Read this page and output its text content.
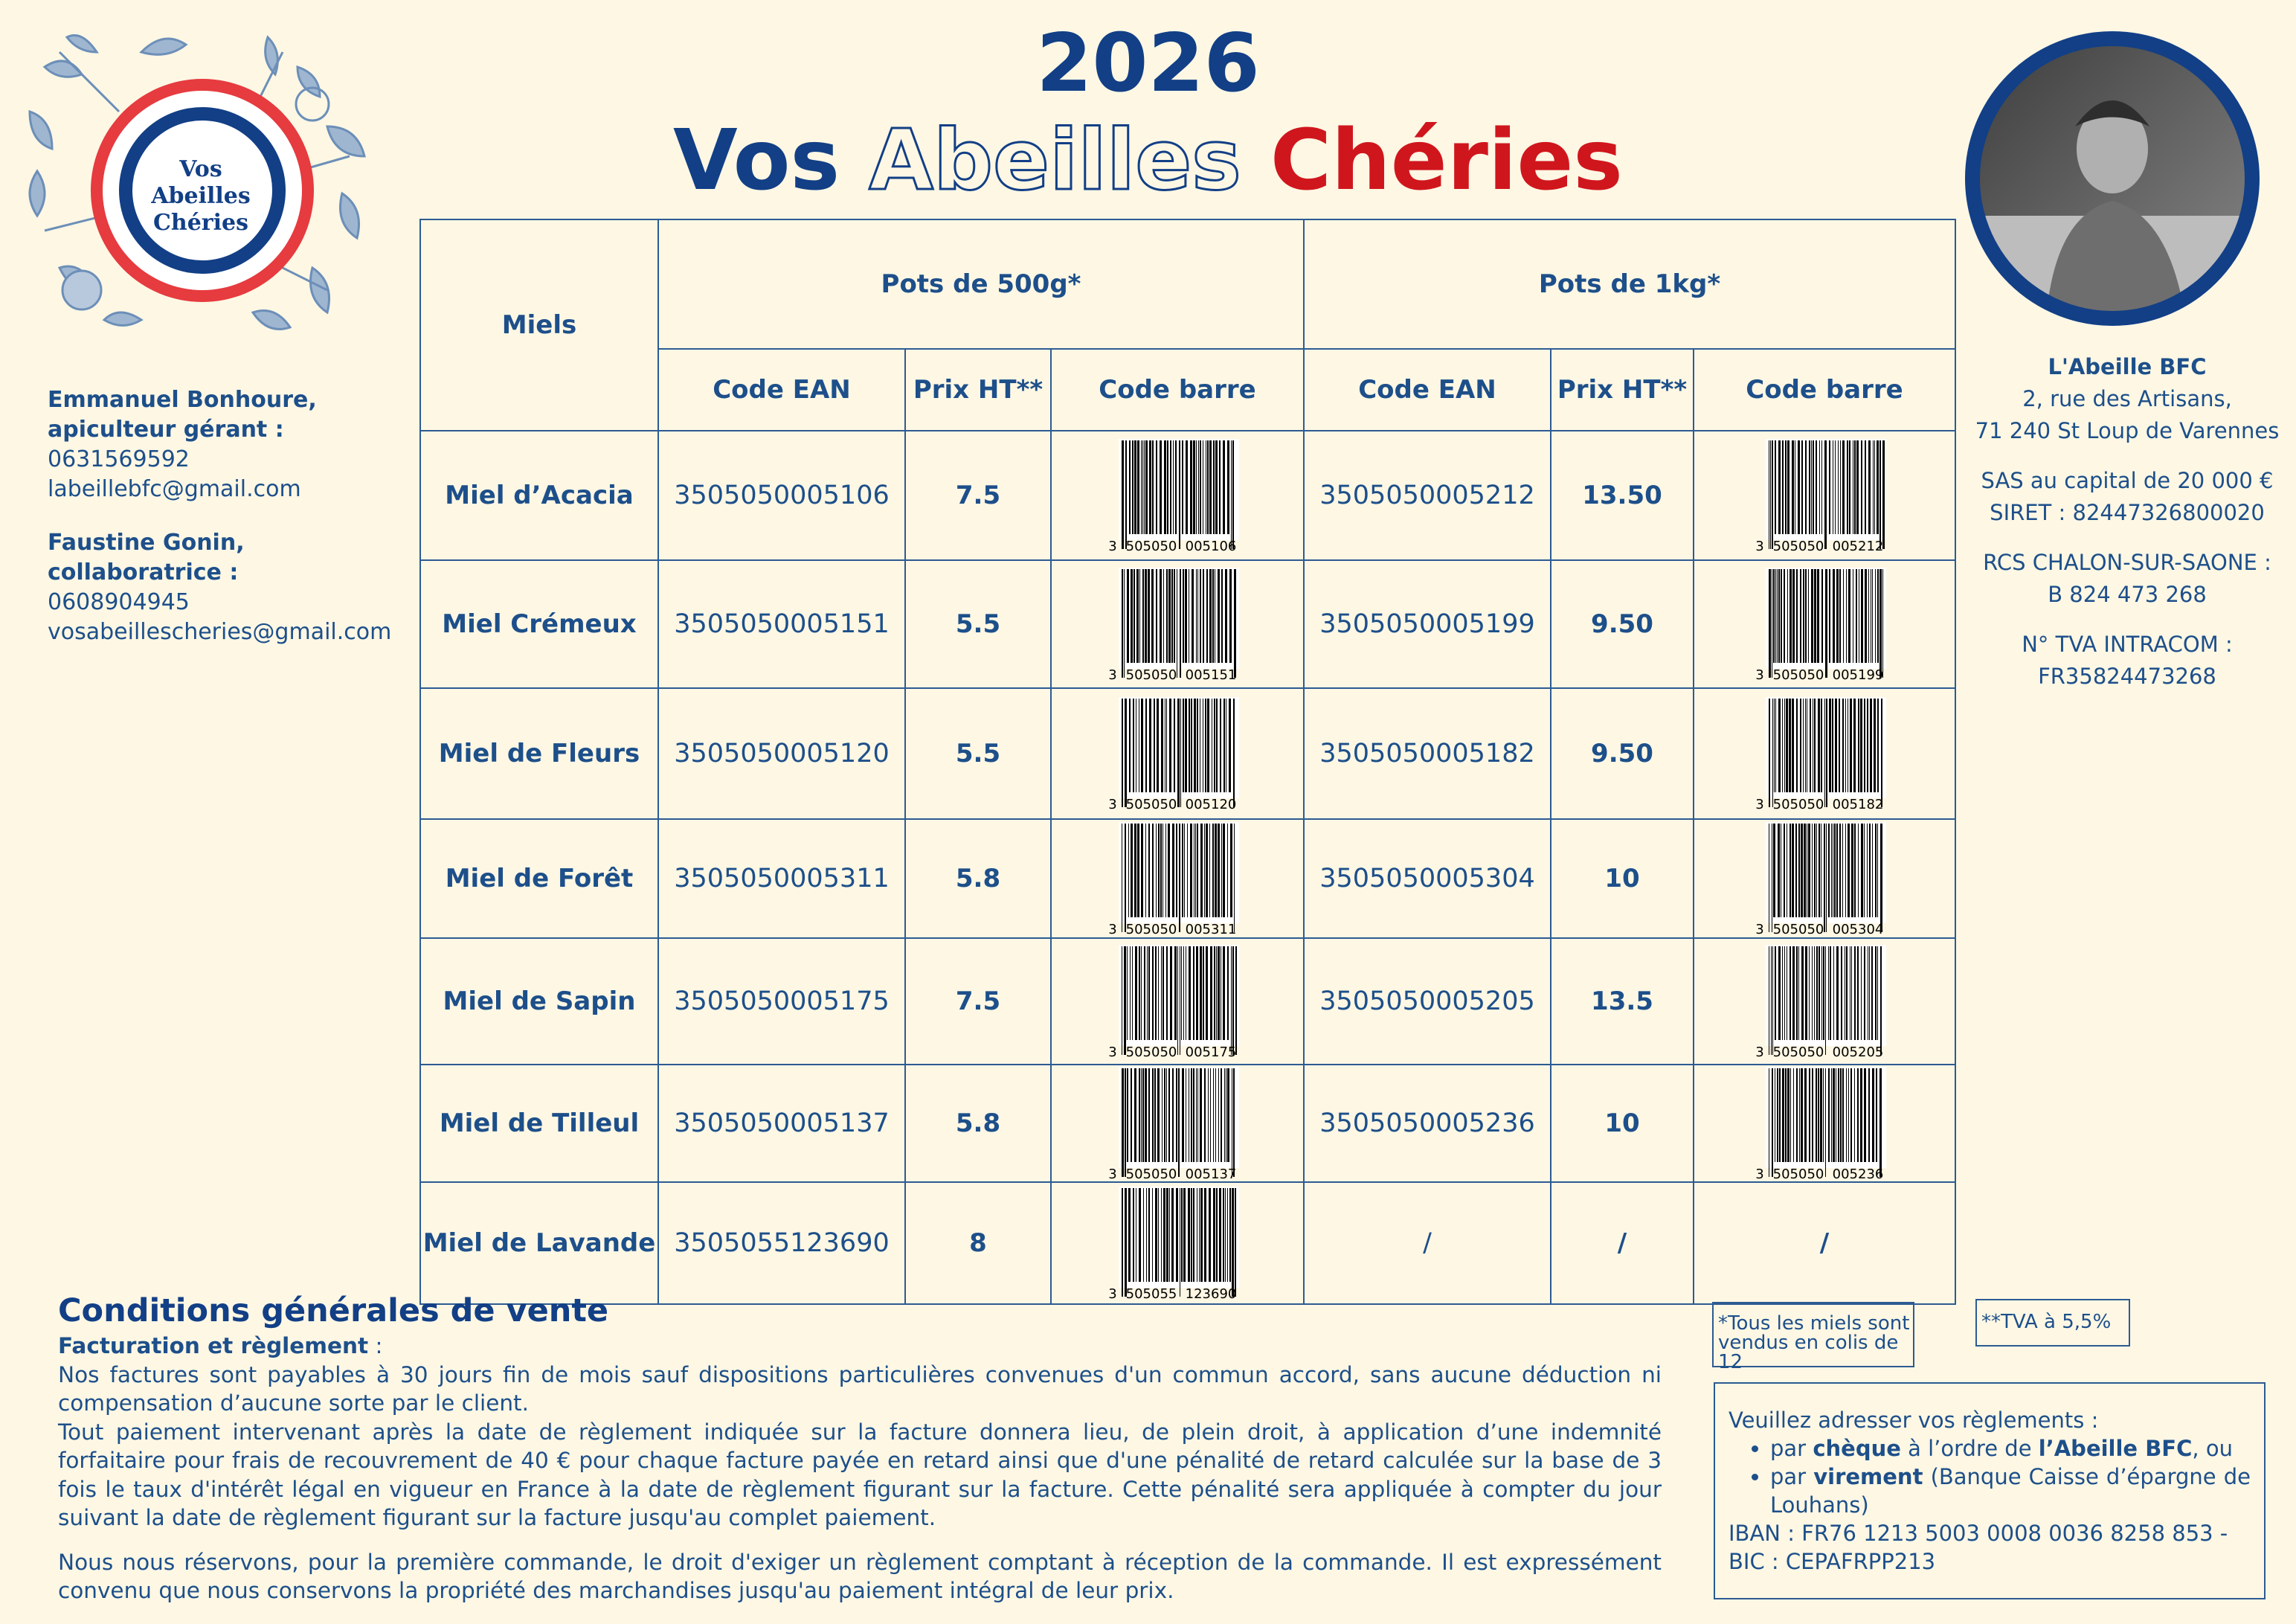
Vos
Abeilles
Chéries
2026
Vos Abeilles Chéries
Emmanuel Bonhoure,
apiculteur gérant :
0631569592
labeillebfc@gmail.com
Faustine Gonin,
collaboratrice :
0608904945
vosabeillescheries@gmail.com
L'Abeille BFC
2, rue des Artisans,
71 240 St Loup de Varennes
SAS au capital de 20 000 €
SIRET : 82447326800020
RCS CHALON-SUR-SAONE :
B 824 473 268
N° TVA INTRACOM :
FR35824473268
Miels	Pots de 500g*			Pots de 1kg*		
	Code EAN	Prix HT**	Code barre	Code EAN	Prix HT**	Code barre
Miel d’Acacia	3505050005106	7.5	3 505050 005106	3505050005212	13.50	3 505050 005212

Miel Crémeux	3505050005151	5.5	3 505050 005151	3505050005199	9.50	3 505050 005199

Miel de Fleurs	3505050005120	5.5	3 505050 005120	3505050005182	9.50	3 505050 005182

Miel de Forêt	3505050005311	5.8	3 505050 005311	3505050005304	10	3 505050 005304

Miel de Sapin	3505050005175	7.5	3 505050 005175	3505050005205	13.5	3 505050 005205

Miel de Tilleul	3505050005137	5.8	3 505050 005137	3505050005236	10	3 505050 005236

Miel de Lavande	3505055123690	8	3 505055 123690	/	/	/
*Tous les miels sont vendus en colis de 12
**TVA à 5,5%
Veuillez adresser vos règlements :
• par chèque à l’ordre de l’Abeille BFC, ou
• par virement (Banque Caisse d’épargne de Louhans)
IBAN : FR76 1213 5003 0008 0036 8258 853 -
BIC : CEPAFRPP213
Conditions générales de vente
Facturation et règlement :

Nos factures sont payables à 30 jours fin de mois sauf dispositions particulières convenues d'un commun accord, sans aucune déduction ni compensation d’aucune sorte par le client.

Tout paiement intervenant après la date de règlement indiquée sur la facture donnera lieu, de plein droit, à application d’une indemnité forfaitaire pour frais de recouvrement de 40 € pour chaque facture payée en retard ainsi que d'une pénalité de retard calculée sur la base de 3 fois le taux d'intérêt légal en vigueur en France à la date de règlement figurant sur la facture. Cette pénalité sera appliquée à compter du jour suivant la date de règlement figurant sur la facture jusqu'au complet paiement.

Nous nous réservons, pour la première commande, le droit d'exiger un règlement comptant à réception de la commande. Il est expressément convenu que nous conservons la propriété des marchandises jusqu'au paiement intégral de leur prix.
